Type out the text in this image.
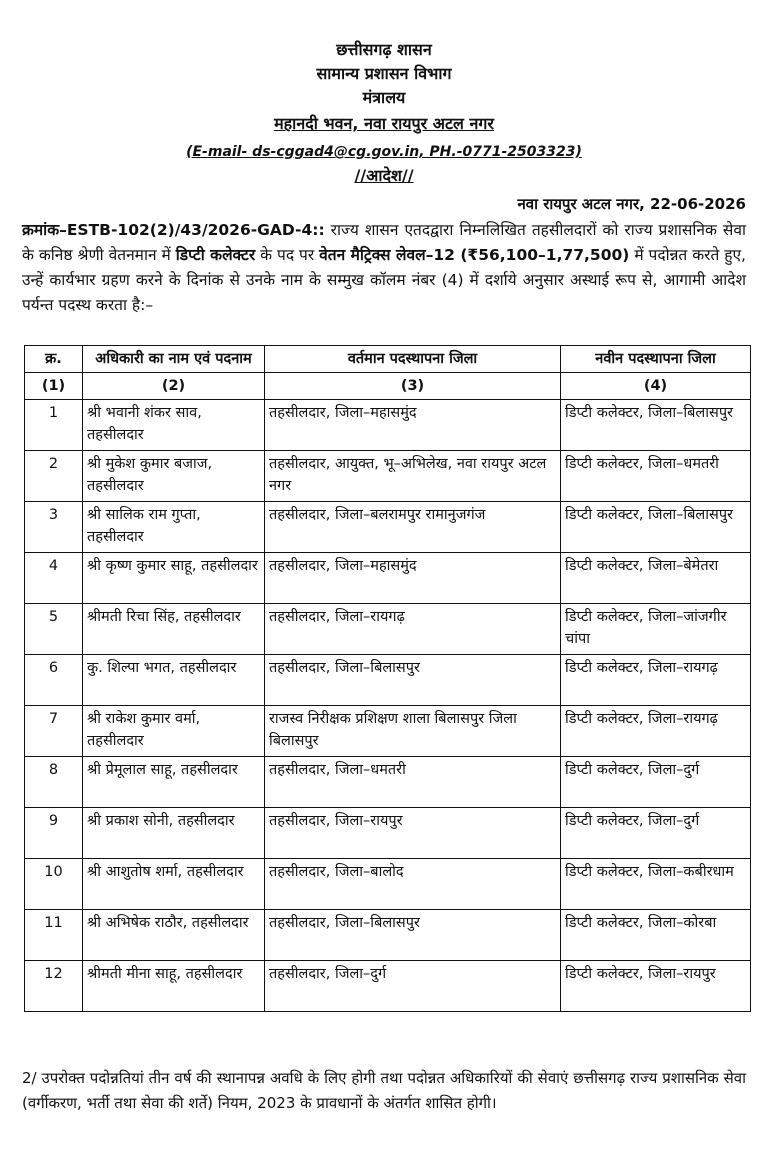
छत्तीसगढ़ शासन
सामान्य प्रशासन विभाग
मंत्रालय
महानदी भवन, नवा रायपुर अटल नगर
(E-mail- ds-cggad4@cg.gov.in, PH.-0771-2503323)
//आदेश//
नवा रायपुर अटल नगर, 22-06-2026
क्रमांक–ESTB-102(2)/43/2026-GAD-4:: राज्य शासन एतदद्वारा निम्नलिखित तहसीलदारों को राज्य प्रशासनिक सेवा के कनिष्ठ श्रेणी वेतनमान में डिप्टी कलेक्टर के पद पर वेतन मैट्रिक्स लेवल–12 (₹56,100–1,77,500) में पदोन्नत करते हुए, उन्हें कार्यभार ग्रहण करने के दिनांक से उनके नाम के सम्मुख कॉलम नंबर (4) में दर्शाये अनुसार अस्थाई रूप से, आगामी आदेश पर्यन्त पदस्थ करता है:–
क्र.	अधिकारी का नाम एवं पदनाम	वर्तमान पदस्थापना जिला	नवीन पदस्थापना जिला
(1)	(2)	(3)	(4)
1	श्री भवानी शंकर साव, तहसीलदार	तहसीलदार, जिला–महासमुंद	डिप्टी कलेक्टर, जिला–बिलासपुर
2	श्री मुकेश कुमार बजाज, तहसीलदार	तहसीलदार, आयुक्त, भू–अभिलेख, नवा रायपुर अटल नगर	डिप्टी कलेक्टर, जिला–धमतरी
3	श्री सालिक राम गुप्ता, तहसीलदार	तहसीलदार, जिला–बलरामपुर रामानुजगंज	डिप्टी कलेक्टर, जिला–बिलासपुर
4	श्री कृष्ण कुमार साहू, तहसीलदार	तहसीलदार, जिला–महासमुंद	डिप्टी कलेक्टर, जिला–बेमेतरा
5	श्रीमती रिचा सिंह, तहसीलदार	तहसीलदार, जिला–रायगढ़	डिप्टी कलेक्टर, जिला–जांजगीर चांपा
6	कु. शिल्पा भगत, तहसीलदार	तहसीलदार, जिला–बिलासपुर	डिप्टी कलेक्टर, जिला–रायगढ़
7	श्री राकेश कुमार वर्मा, तहसीलदार	राजस्व निरीक्षक प्रशिक्षण शाला बिलासपुर जिला बिलासपुर	डिप्टी कलेक्टर, जिला–रायगढ़
8	श्री प्रेमूलाल साहू, तहसीलदार	तहसीलदार, जिला–धमतरी	डिप्टी कलेक्टर, जिला–दुर्ग
9	श्री प्रकाश सोनी, तहसीलदार	तहसीलदार, जिला–रायपुर	डिप्टी कलेक्टर, जिला–दुर्ग
10	श्री आशुतोष शर्मा, तहसीलदार	तहसीलदार, जिला–बालोद	डिप्टी कलेक्टर, जिला–कबीरधाम
11	श्री अभिषेक राठौर, तहसीलदार	तहसीलदार, जिला–बिलासपुर	डिप्टी कलेक्टर, जिला–कोरबा
12	श्रीमती मीना साहू, तहसीलदार	तहसीलदार, जिला–दुर्ग	डिप्टी कलेक्टर, जिला–रायपुर
2/ उपरोक्त पदोन्नतियां तीन वर्ष की स्थानापन्न अवधि के लिए होगी तथा पदोन्नत अधिकारियों की सेवाएं छत्तीसगढ़ राज्य प्रशासनिक सेवा (वर्गीकरण, भर्ती तथा सेवा की शर्ते) नियम, 2023 के प्रावधानों के अंतर्गत शासित होगी।
